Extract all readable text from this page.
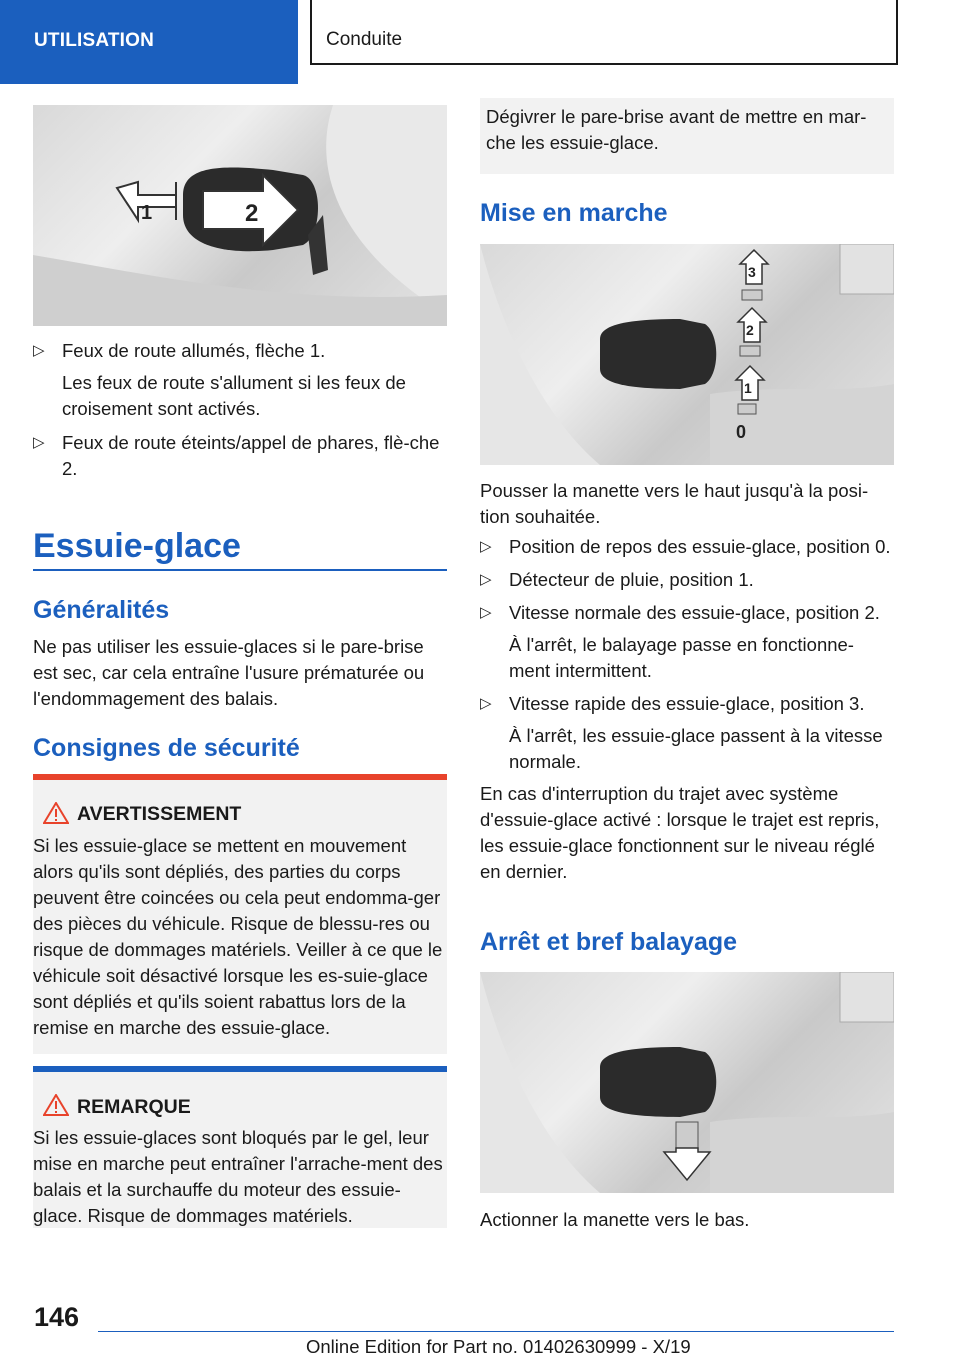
UTILISATION	Conduite
1	2
▷ Feux de route allumés, flèche 1.
Les feux de route s'allument si les feux de croisement sont activés.
▷ Feux de route éteints/appel de phares, flè-che 2.
Essuie-glace
Généralités

Ne pas utiliser les essuie-glaces si le pare-brise est sec, car cela entraîne l'usure prématurée ou l'endommagement des balais.

Consignes de sécurité
AVERTISSEMENT

Si les essuie-glace se mettent en mouvement alors qu'ils sont dépliés, des parties du corps peuvent être coincées ou cela peut endomma-ger des pièces du véhicule. Risque de blessu-res ou risque de dommages matériels. Veiller à ce que le véhicule soit désactivé lorsque les es-suie-glace sont dépliés et qu'ils soient rabattus lors de la remise en marche des essuie-glace.

REMARQUE

Si les essuie-glaces sont bloqués par le gel, leur mise en marche peut entraîner l'arrache-ment des balais et la surchauffe du moteur des essuie-glace. Risque de dommages matériels.

Dégivrer le pare-brise avant de mettre en mar-che les essuie-glace.

Mise en marche
3
2
1
0

Pousser la manette vers le haut jusqu'à la posi-tion souhaitée.

▷ Position de repos des essuie-glace, position 0.
▷ Détecteur de pluie, position 1.
▷ Vitesse normale des essuie-glace, position 2.
À l'arrêt, le balayage passe en fonctionne-ment intermittent.
▷ Vitesse rapide des essuie-glace, position 3.
À l'arrêt, les essuie-glace passent à la vitesse normale.

En cas d'interruption du trajet avec système d'essuie-glace activé : lorsque le trajet est repris, les essuie-glace fonctionnent sur le niveau réglé en dernier.

Arrêt et bref balayage

Actionner la manette vers le bas.

146
Online Edition for Part no. 01402630999 - X/19
